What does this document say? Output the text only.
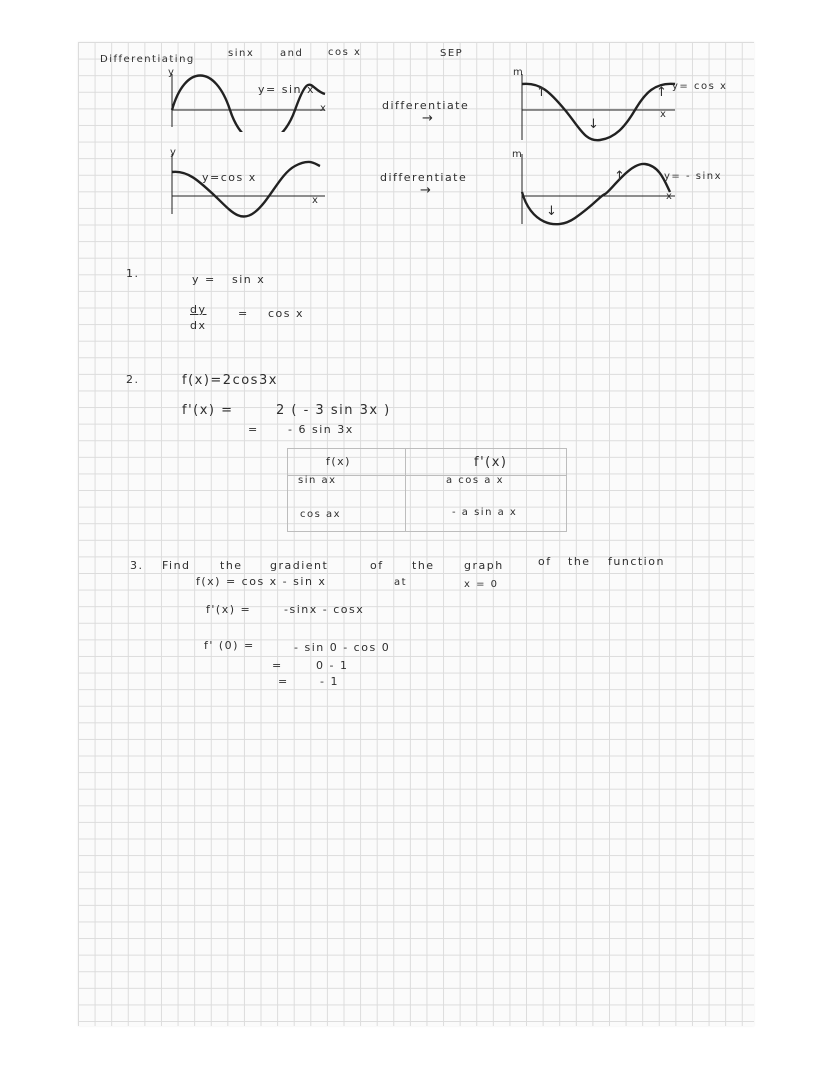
Differentiating
sinx	and cos x	SEP
y
y= sin x
x	differentiate
→
m
↑
↓
↑ y= cos x
x
y
y=cos x
x
differentiate
→
m
↓
↑	y= - sinx
x
1.	y = sin x
dy
dx
= cos x
2.	f(x)=2cos3x
f'(x) =	2 ( - 3 sin 3x )
=	- 6 sin 3x
f(x)	f'(x)
sin ax	a cos a x
cos ax	- a sin a x
3. Find	the gradient	of	the	graph	of the function
f(x) = cos x - sin x	at	x = 0
f'(x) =	-sinx - cosx
f' (0) =	- sin 0 - cos 0
=	0 - 1
=	- 1
